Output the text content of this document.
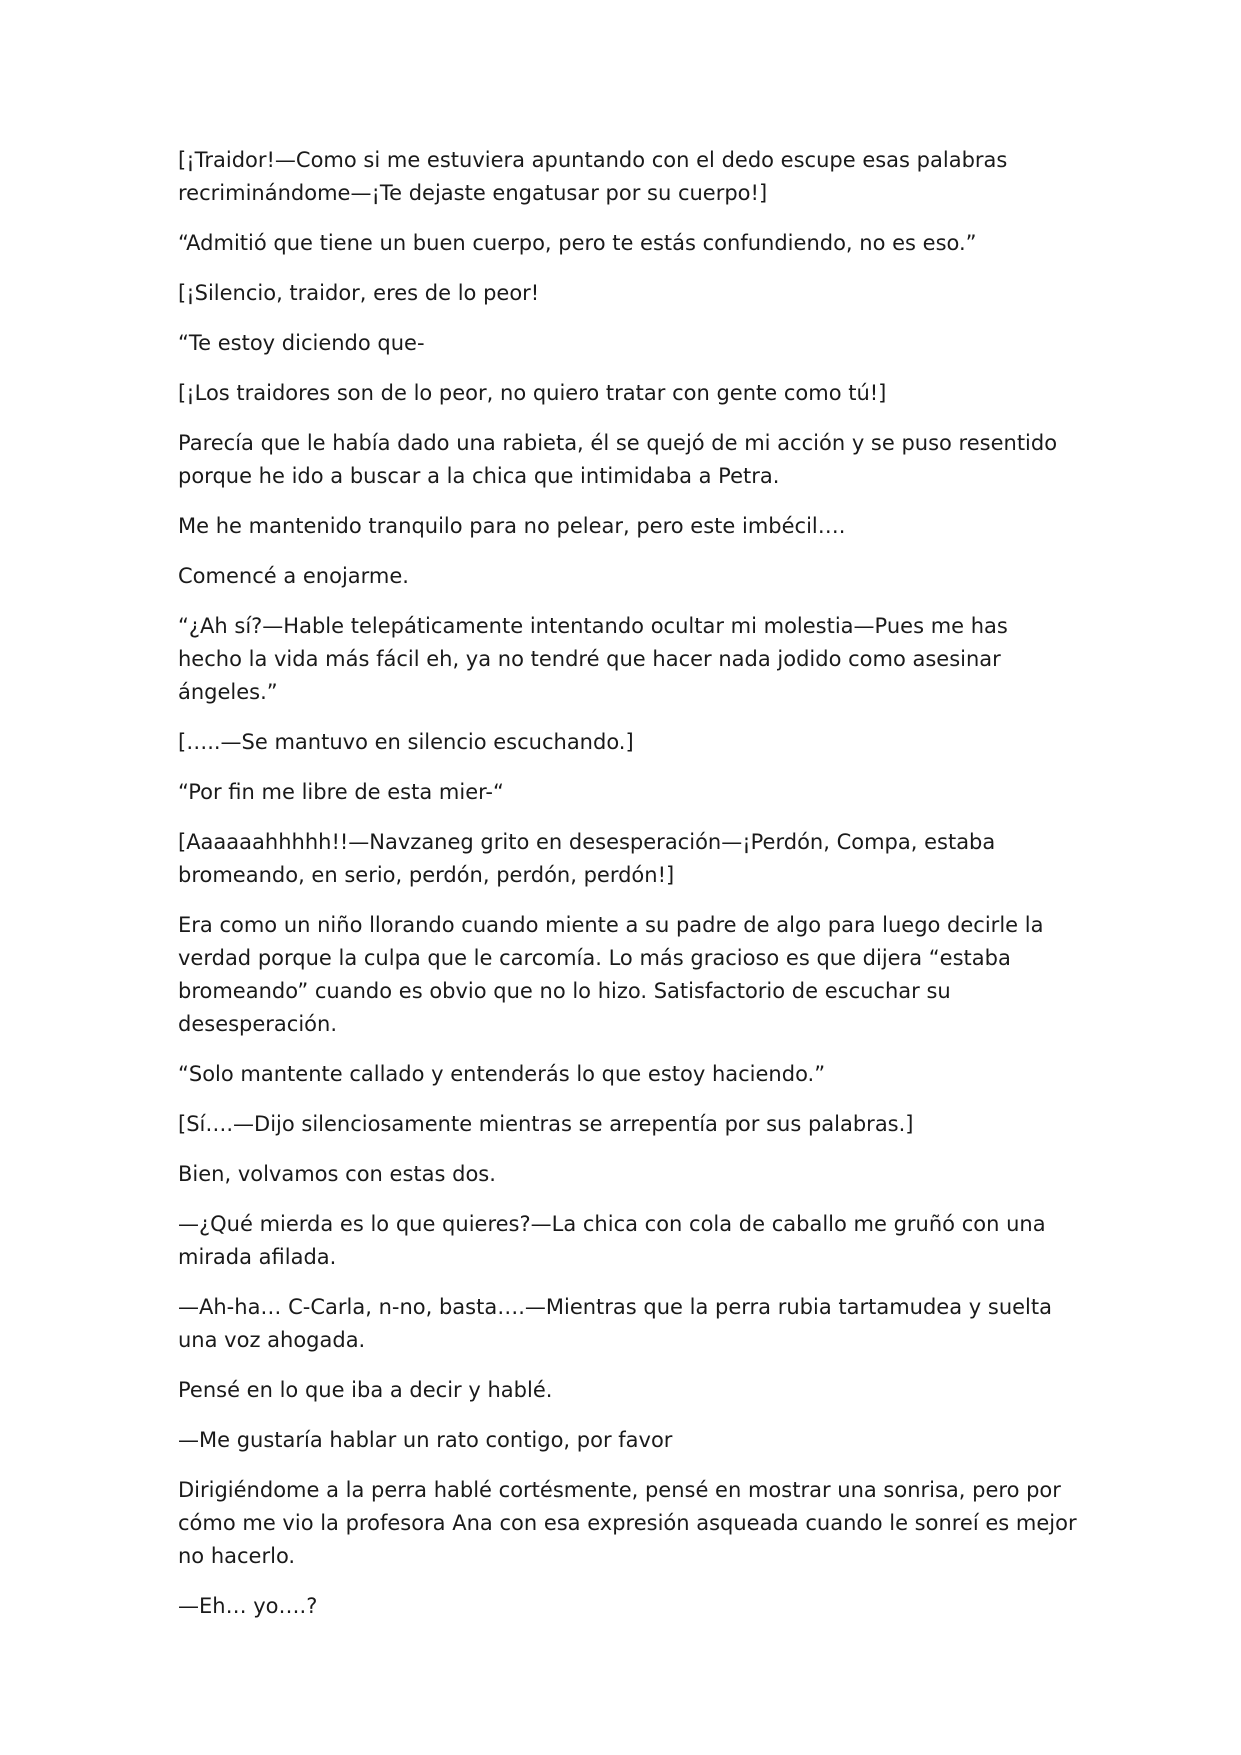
[¡Traidor!—Como si me estuviera apuntando con el dedo escupe esas palabras recriminándome—¡Te dejaste engatusar por su cuerpo!]

“Admitió que tiene un buen cuerpo, pero te estás confundiendo, no es eso.”

[¡Silencio, traidor, eres de lo peor!

“Te estoy diciendo que-

[¡Los traidores son de lo peor, no quiero tratar con gente como tú!]

Parecía que le había dado una rabieta, él se quejó de mi acción y se puso resentido porque he ido a buscar a la chica que intimidaba a Petra.

Me he mantenido tranquilo para no pelear, pero este imbécil….

Comencé a enojarme.

“¿Ah sí?—Hable telepáticamente intentando ocultar mi molestia—Pues me has hecho la vida más fácil eh, ya no tendré que hacer nada jodido como asesinar ángeles.”

[…..—Se mantuvo en silencio escuchando.]

“Por fin me libre de esta mier-“

[Aaaaaahhhhh!!—Navzaneg grito en desesperación—¡Perdón, Compa, estaba bromeando, en serio, perdón, perdón, perdón!]

Era como un niño llorando cuando miente a su padre de algo para luego decirle la verdad porque la culpa que le carcomía. Lo más gracioso es que dijera “estaba bromeando” cuando es obvio que no lo hizo. Satisfactorio de escuchar su desesperación.

“Solo mantente callado y entenderás lo que estoy haciendo.”

[Sí….—Dijo silenciosamente mientras se arrepentía por sus palabras.]

Bien, volvamos con estas dos.

—¿Qué mierda es lo que quieres?—La chica con cola de caballo me gruñó con una mirada afilada.

—Ah-ha… C-Carla, n-no, basta….—Mientras que la perra rubia tartamudea y suelta una voz ahogada.

Pensé en lo que iba a decir y hablé.

—Me gustaría hablar un rato contigo, por favor

Dirigiéndome a la perra hablé cortésmente, pensé en mostrar una sonrisa, pero por cómo me vio la profesora Ana con esa expresión asqueada cuando le sonreí es mejor no hacerlo.

—Eh… yo….?
